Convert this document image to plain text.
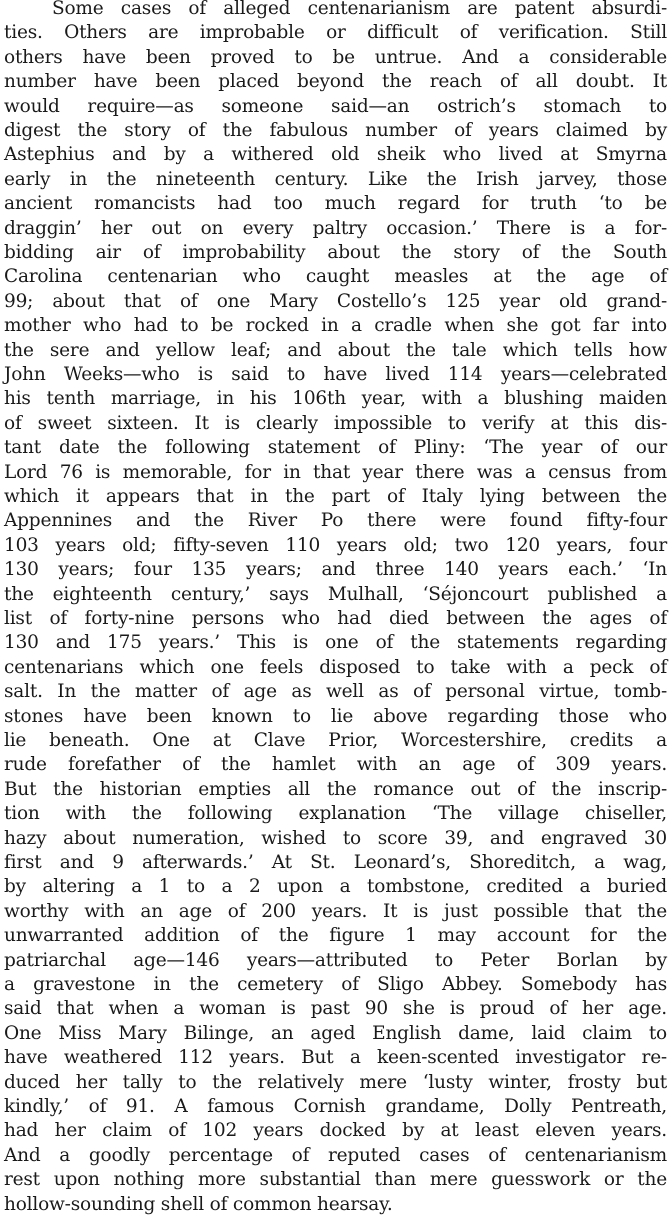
Some cases of alleged centenarianism are patent absurdi-
ties. Others are improbable or difficult of verification. Still
others have been proved to be untrue. And a considerable
number have been placed beyond the reach of all doubt. It
would require—as someone said—an ostrich’s stomach to
digest the story of the fabulous number of years claimed by
Astephius and by a withered old sheik who lived at Smyrna
early in the nineteenth century. Like the Irish jarvey, those
ancient romancists had too much regard for truth ‘to be
draggin’ her out on every paltry occasion.’ There is a for-
bidding air of improbability about the story of the South
Carolina centenarian who caught measles at the age of
99; about that of one Mary Costello’s 125 year old grand-
mother who had to be rocked in a cradle when she got far into
the sere and yellow leaf; and about the tale which tells how
John Weeks—who is said to have lived 114 years—celebrated
his tenth marriage, in his 106th year, with a blushing maiden
of sweet sixteen. It is clearly impossible to verify at this dis-
tant date the following statement of Pliny: ‘The year of our
Lord 76 is memorable, for in that year there was a census from
which it appears that in the part of Italy lying between the
Appennines and the River Po there were found fifty-four
103 years old; fifty-seven 110 years old; two 120 years, four
130 years; four 135 years; and three 140 years each.’ ‘In
the eighteenth century,’ says Mulhall, ‘Séjoncourt published a
list of forty-nine persons who had died between the ages of
130 and 175 years.’ This is one of the statements regarding
centenarians which one feels disposed to take with a peck of
salt. In the matter of age as well as of personal virtue, tomb-
stones have been known to lie above regarding those who
lie beneath. One at Clave Prior, Worcestershire, credits a
rude forefather of the hamlet with an age of 309 years.
But the historian empties all the romance out of the inscrip-
tion with the following explanation ‘The village chiseller,
hazy about numeration, wished to score 39, and engraved 30
first and 9 afterwards.’ At St. Leonard’s, Shoreditch, a wag,
by altering a 1 to a 2 upon a tombstone, credited a buried
worthy with an age of 200 years. It is just possible that the
unwarranted addition of the figure 1 may account for the
patriarchal age—146 years—attributed to Peter Borlan by
a gravestone in the cemetery of Sligo Abbey. Somebody has
said that when a woman is past 90 she is proud of her age.
One Miss Mary Bilinge, an aged English dame, laid claim to
have weathered 112 years. But a keen-scented investigator re-
duced her tally to the relatively mere ‘lusty winter, frosty but
kindly,’ of 91. A famous Cornish grandame, Dolly Pentreath,
had her claim of 102 years docked by at least eleven years.
And a goodly percentage of reputed cases of centenarianism
rest upon nothing more substantial than mere guesswork or the
hollow-sounding shell of common hearsay.
